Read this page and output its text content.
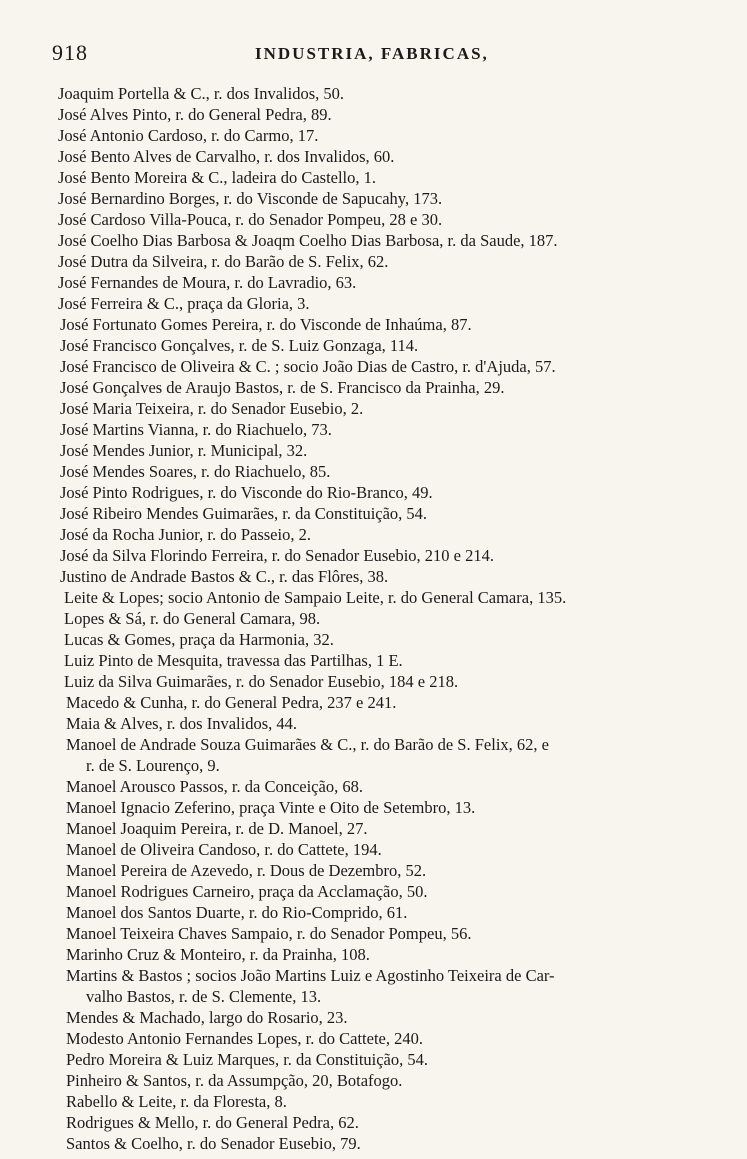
918	INDUSTRIA, FABRICAS,
Joaquim Portella & C., r. dos Invalidos, 50.
José Alves Pinto, r. do General Pedra, 89.
José Antonio Cardoso, r. do Carmo, 17.
José Bento Alves de Carvalho, r. dos Invalidos, 60.
José Bento Moreira & C., ladeira do Castello, 1.
José Bernardino Borges, r. do Visconde de Sapucahy, 173.
José Cardoso Villa-Pouca, r. do Senador Pompeu, 28 e 30.
José Coelho Dias Barbosa & Joaqm Coelho Dias Barbosa, r. da Saude, 187.
José Dutra da Silveira, r. do Barão de S. Felix, 62.
José Fernandes de Moura, r. do Lavradio, 63.
José Ferreira & C., praça da Gloria, 3.
José Fortunato Gomes Pereira, r. do Visconde de Inhaúma, 87.
José Francisco Gonçalves, r. de S. Luiz Gonzaga, 114.
José Francisco de Oliveira & C. ; socio João Dias de Castro, r. d'Ajuda, 57.
José Gonçalves de Araujo Bastos, r. de S. Francisco da Prainha, 29.
José Maria Teixeira, r. do Senador Eusebio, 2.
José Martins Vianna, r. do Riachuelo, 73.
José Mendes Junior, r. Municipal, 32.
José Mendes Soares, r. do Riachuelo, 85.
José Pinto Rodrigues, r. do Visconde do Rio-Branco, 49.
José Ribeiro Mendes Guimarães, r. da Constituição, 54.
José da Rocha Junior, r. do Passeio, 2.
José da Silva Florindo Ferreira, r. do Senador Eusebio, 210 e 214.
Justino de Andrade Bastos & C., r. das Flôres, 38.
Leite & Lopes; socio Antonio de Sampaio Leite, r. do General Camara, 135.
Lopes & Sá, r. do General Camara, 98.
Lucas & Gomes, praça da Harmonia, 32.
Luiz Pinto de Mesquita, travessa das Partilhas, 1 E.
Luiz da Silva Guimarães, r. do Senador Eusebio, 184 e 218.
Macedo & Cunha, r. do General Pedra, 237 e 241.
Maia & Alves, r. dos Invalidos, 44.
Manoel de Andrade Souza Guimarães & C., r. do Barão de S. Felix, 62, e
r. de S. Lourenço, 9.
Manoel Arousco Passos, r. da Conceição, 68.
Manoel Ignacio Zeferino, praça Vinte e Oito de Setembro, 13.
Manoel Joaquim Pereira, r. de D. Manoel, 27.
Manoel de Oliveira Candoso, r. do Cattete, 194.
Manoel Pereira de Azevedo, r. Dous de Dezembro, 52.
Manoel Rodrigues Carneiro, praça da Acclamação, 50.
Manoel dos Santos Duarte, r. do Rio-Comprido, 61.
Manoel Teixeira Chaves Sampaio, r. do Senador Pompeu, 56.
Marinho Cruz & Monteiro, r. da Prainha, 108.
Martins & Bastos ; socios João Martins Luiz e Agostinho Teixeira de Car-
valho Bastos, r. de S. Clemente, 13.
Mendes & Machado, largo do Rosario, 23.
Modesto Antonio Fernandes Lopes, r. do Cattete, 240.
Pedro Moreira & Luiz Marques, r. da Constituição, 54.
Pinheiro & Santos, r. da Assumpção, 20, Botafogo.
Rabello & Leite, r. da Floresta, 8.
Rodrigues & Mello, r. do General Pedra, 62.
Santos & Coelho, r. do Senador Eusebio, 79.
